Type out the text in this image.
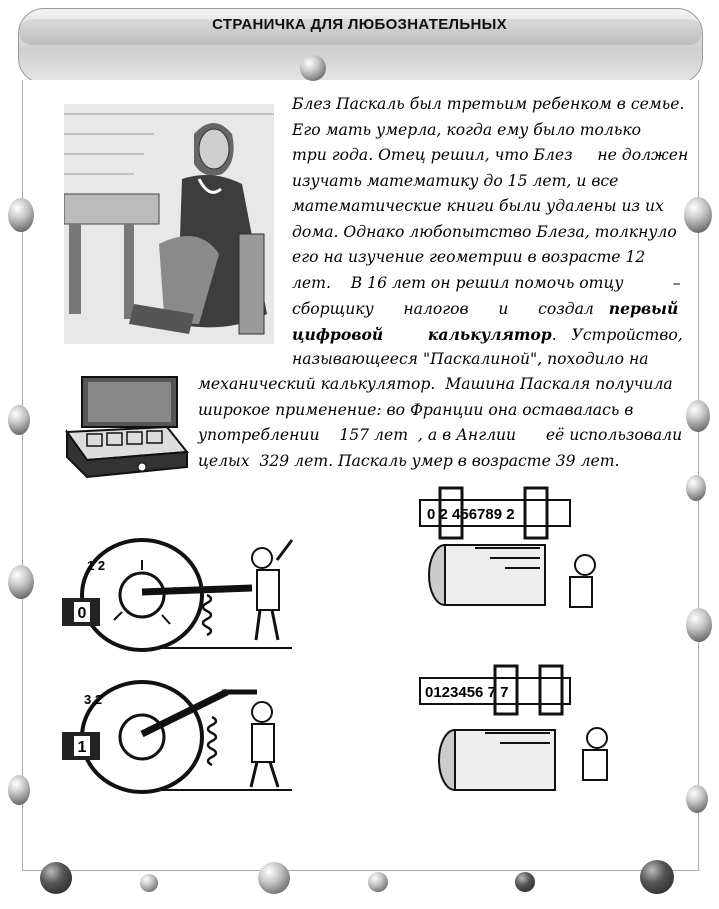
СТРАНИЧКА ДЛЯ ЛЮБОЗНАТЕЛЬНЫХ
0
1 2
1
3 2
0 2 456789 2
0123456 7 7
Блез Паскаль был третьим ребенком в семье.
Его мать умерла, когда ему было только
три года. Отец решил, что Блез     не должен
изучать математику до 15 лет, и все
математические книги были удалены из их
дома. Однако любопытство Блеза, толкнуло
его на изучение геометрии в возрасте 12
лет.    В 16 лет он решил помочь отцу          –
сборщику      налогов      и      создал первый
цифровой	калькулятор.   Устройство,
называющееся "Паскалиной", походило на
механический калькулятор.  Машина Паскаля получила
широкое применение: во Франции она оставалась в
употреблении    157 лет  , а в Англии      её использовали
целых  329 лет. Паскаль умер в возрасте 39 лет.
